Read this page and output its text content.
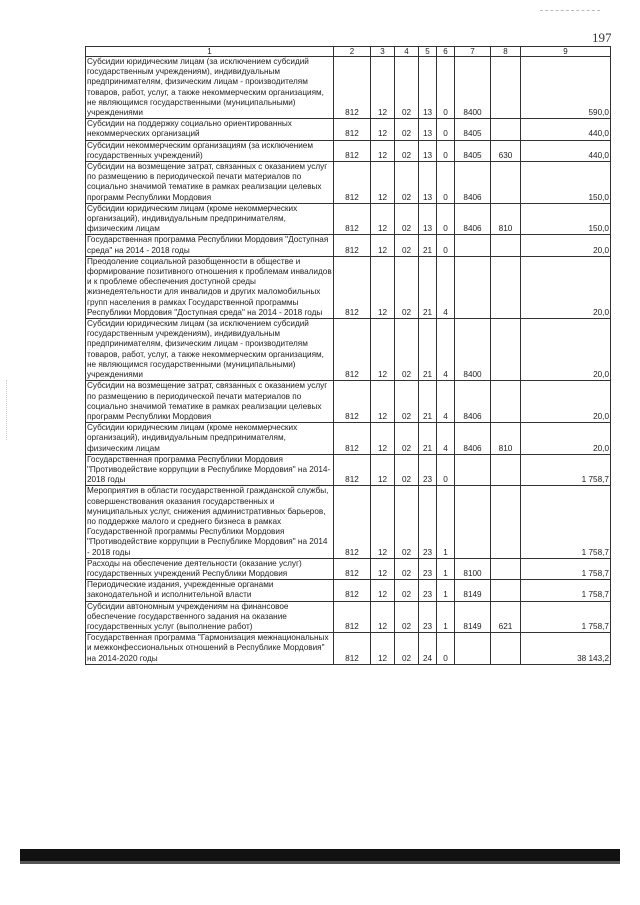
197
1	2	3	4	5	6	7	8	9
Субсидии юридическим лицам (за исключением субсидий государственным учреждениям), индивидуальным предпринимателям, физическим лицам - производителям товаров, работ, услуг, а также некоммерческим организациям, не являющимся государственными (муниципальными) учреждениями	812	12	02	13	0	8400		590,0
Субсидии на поддержку социально ориентированных некоммерческих организаций	812	12	02	13	0	8405		440,0
Субсидии некоммерческим организациям (за исключением государственных учреждений)	812	12	02	13	0	8405	630	440,0
Субсидии на возмещение затрат, связанных с оказанием услуг по размещению в периодической печати материалов по социально значимой тематике в рамках реализации целевых программ Республики Мордовия	812	12	02	13	0	8406		150,0
Субсидии юридическим лицам (кроме некоммерческих организаций), индивидуальным предпринимателям, физическим лицам	812	12	02	13	0	8406	810	150,0
Государственная программа Республики Мордовия "Доступная среда" на 2014 - 2018 годы	812	12	02	21	0			20,0
Преодоление социальной разобщенности в обществе и формирование позитивного отношения к проблемам инвалидов и к проблеме обеспечения доступной среды жизнедеятельности для инвалидов и других маломобильных групп населения в рамках Государственной программы Республики Мордовия "Доступная среда" на 2014 - 2018 годы	812	12	02	21	4			20,0
Субсидии юридическим лицам (за исключением субсидий государственным учреждениям), индивидуальным предпринимателям, физическим лицам - производителям товаров, работ, услуг, а также некоммерческим организациям, не являющимся государственными (муниципальными) учреждениями	812	12	02	21	4	8400		20,0
Субсидии на возмещение затрат, связанных с оказанием услуг по размещению в периодической печати материалов по социально значимой тематике в рамках реализации целевых программ Республики Мордовия	812	12	02	21	4	8406		20,0
Субсидии юридическим лицам (кроме некоммерческих организаций), индивидуальным предпринимателям, физическим лицам	812	12	02	21	4	8406	810	20,0
Государственная программа Республики Мордовия "Противодействие коррупции в Республике Мордовия" на 2014-2018 годы	812	12	02	23	0			1 758,7
Мероприятия в области государственной гражданской службы, совершенствования оказания государственных и муниципальных услуг, снижения административных барьеров, по поддержке малого и среднего бизнеса в рамках Государственной программы Республики Мордовия "Противодействие коррупции в Республике Мордовия" на 2014 - 2018 годы	812	12	02	23	1			1 758,7
Расходы на обеспечение деятельности (оказание услуг) государственных учреждений Республики Мордовия	812	12	02	23	1	8100		1 758,7
Периодические издания, учрежденные органами законодательной и исполнительной власти	812	12	02	23	1	8149		1 758,7
Субсидии автономным учреждениям на финансовое обеспечение государственного задания на оказание государственных услуг (выполнение работ)	812	12	02	23	1	8149	621	1 758,7
Государственная программа "Гармонизация межнациональных и межконфессиональных отношений в Республике Мордовия" на 2014-2020 годы	812	12	02	24	0			38 143,2
